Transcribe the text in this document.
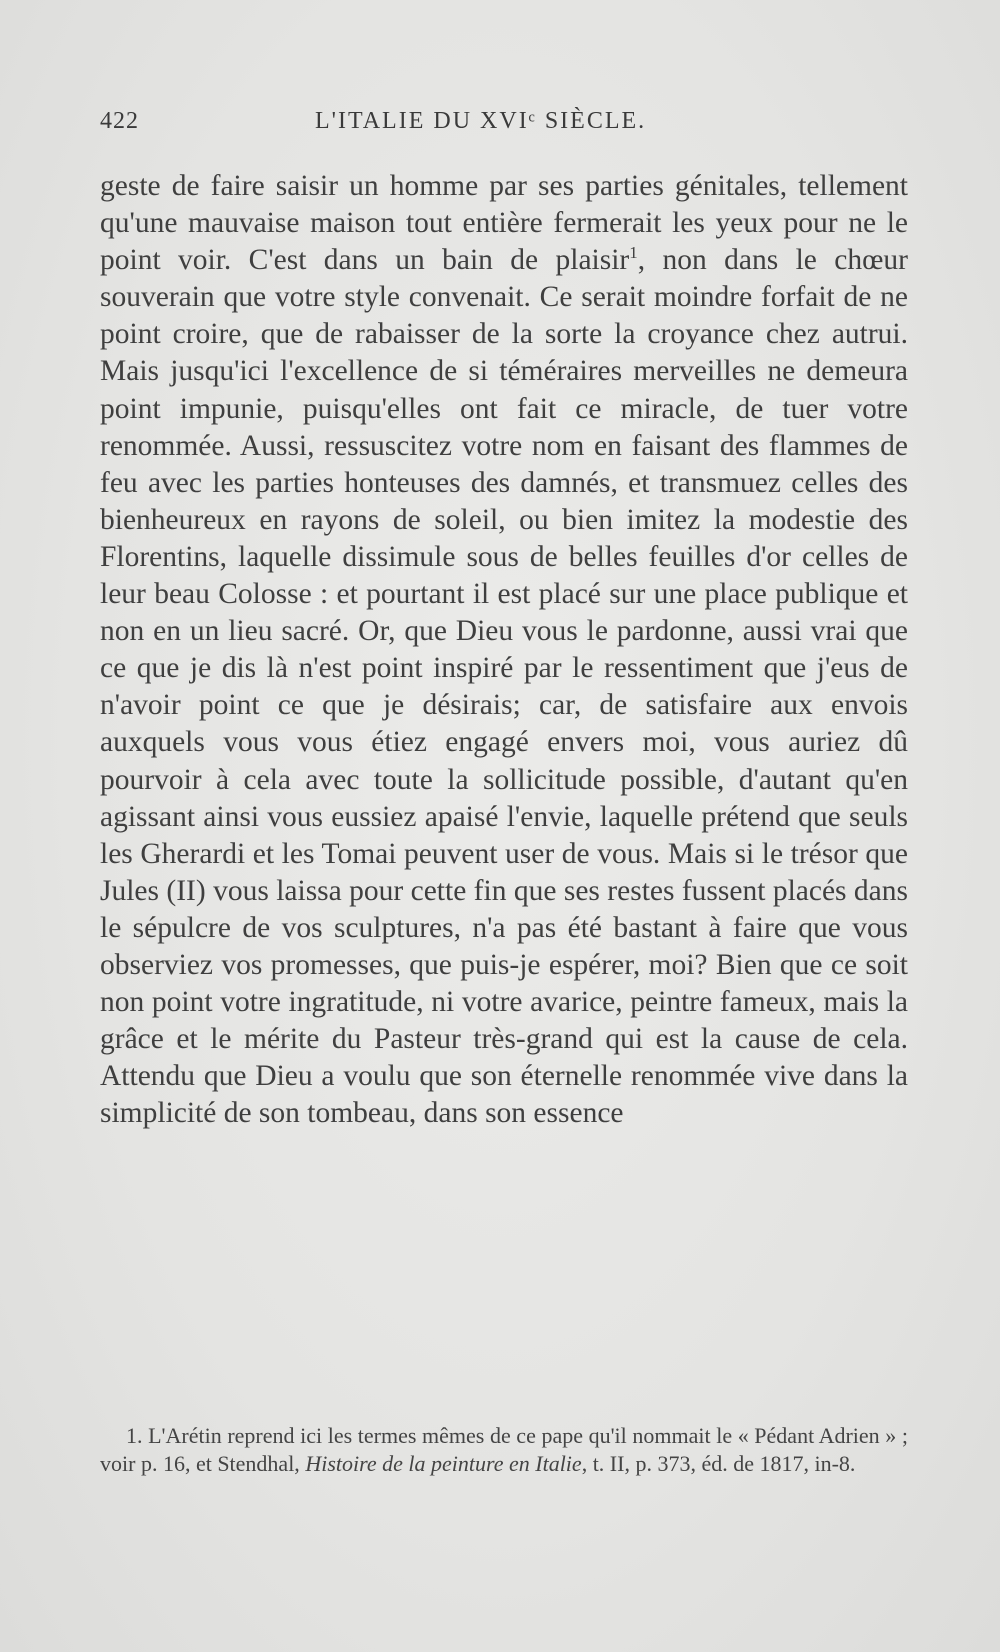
422	L'ITALIE DU XVIᶜ SIÈCLE.

geste de faire saisir un homme par ses parties génitales, tellement qu'une mauvaise maison tout entière fermerait les yeux pour ne le point voir. C'est dans un bain de plaisir$^1$, non dans le chœur souverain que votre style convenait. Ce serait moindre forfait de ne point croire, que de rabaisser de la sorte la croyance chez autrui. Mais jusqu'ici l'excellence de si téméraires merveilles ne demeura point impunie, puisqu'elles ont fait ce miracle, de tuer votre renommée. Aussi, ressuscitez votre nom en faisant des flammes de feu avec les parties honteuses des damnés, et transmuez celles des bienheureux en rayons de soleil, ou bien imitez la modestie des Florentins, laquelle dissimule sous de belles feuilles d'or celles de leur beau Colosse : et pourtant il est placé sur une place publique et non en un lieu sacré. Or, que Dieu vous le pardonne, aussi vrai que ce que je dis là n'est point inspiré par le ressentiment que j'eus de n'avoir point ce que je désirais; car, de satisfaire aux envois auxquels vous vous étiez engagé envers moi, vous auriez dû pourvoir à cela avec toute la sollicitude possible, d'autant qu'en agissant ainsi vous eussiez apaisé l'envie, laquelle prétend que seuls les Gherardi et les Tomai peuvent user de vous. Mais si le trésor que Jules (II) vous laissa pour cette fin que ses restes fussent placés dans le sépulcre de vos sculptures, n'a pas été bastant à faire que vous observiez vos promesses, que puis-je espérer, moi? Bien que ce soit non point votre ingratitude, ni votre avarice, peintre fameux, mais la grâce et le mérite du Pasteur très-grand qui est la cause de cela. Attendu que Dieu a voulu que son éternelle renommée vive dans la simplicité de son tombeau, dans son essence

1. L'Arétin reprend ici les termes mêmes de ce pape qu'il nommait le « Pédant Adrien » ; voir p. 16, et Stendhal, Histoire de la peinture en Italie, t. II, p. 373, éd. de 1817, in-8.
